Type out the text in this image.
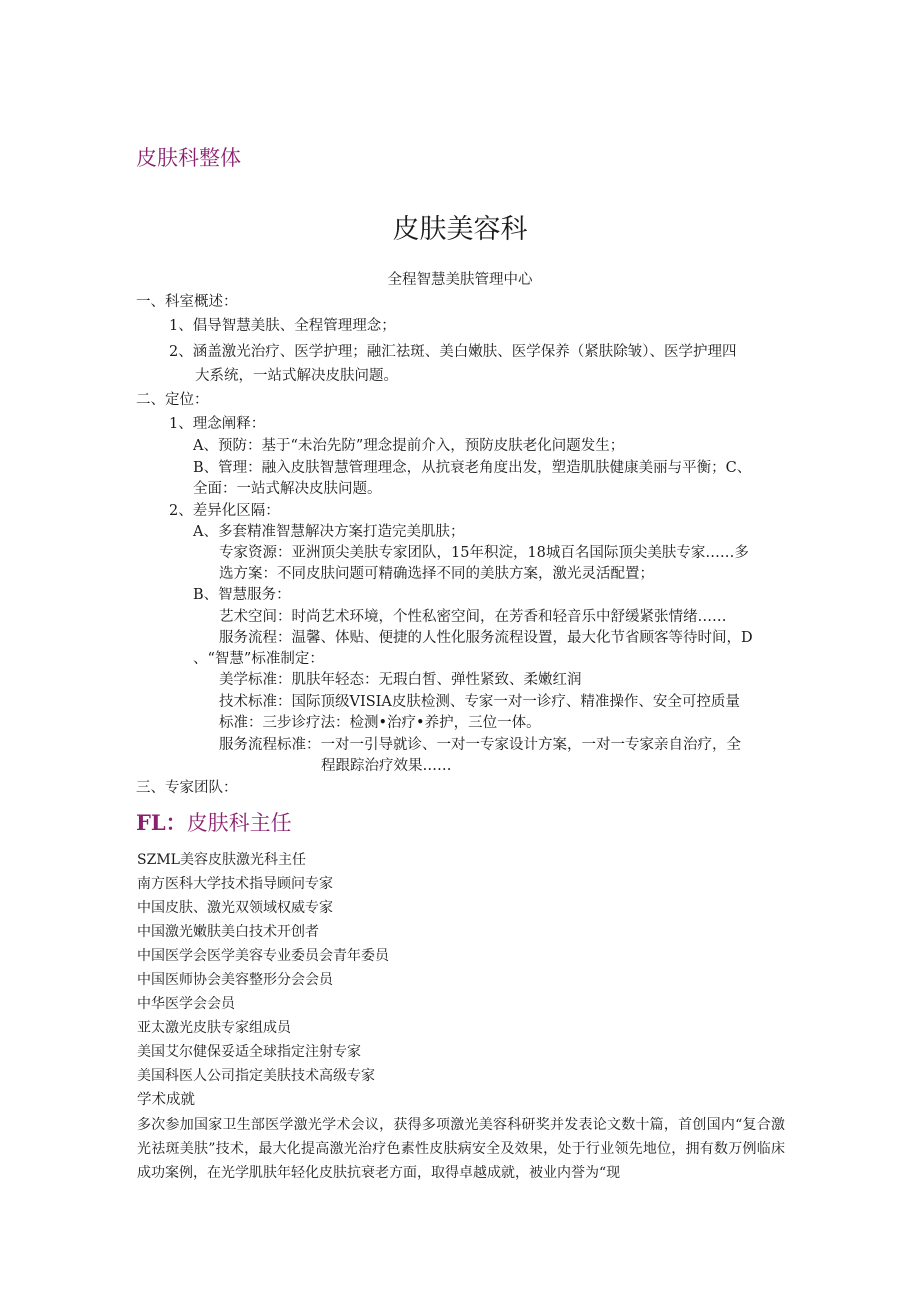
皮肤科整体
皮肤美容科
全程智慧美肤管理中心
一、科室概述：
1、倡导智慧美肤、全程管理理念；
2、涵盖激光治疗、医学护理；融汇祛斑、美白嫩肤、医学保养（紧肤除皱）、医学护理四
大系统，一站式解决皮肤问题。
二、定位：
1、理念阐释：
A、预防：基于“未治先防”理念提前介入，预防皮肤老化问题发生；
B、管理：融入皮肤智慧管理理念，从抗衰老角度出发，塑造肌肤健康美丽与平衡；C、
全面：一站式解决皮肤问题。
2、差异化区隔：
A、多套精准智慧解决方案打造完美肌肤；
专家资源：亚洲顶尖美肤专家团队，15年积淀，18城百名国际顶尖美肤专家……多
选方案：不同皮肤问题可精确选择不同的美肤方案，激光灵活配置；
B、智慧服务：
艺术空间：时尚艺术环境，个性私密空间，在芳香和轻音乐中舒缓紧张情绪……
服务流程：温馨、体贴、便捷的人性化服务流程设置，最大化节省顾客等待时间，D
、“智慧”标准制定：
美学标准：肌肤年轻态：无瑕白皙、弹性紧致、柔嫩红润
技术标准：国际顶级VISIA皮肤检测、专家一对一诊疗、精准操作、安全可控质量
标准：三步诊疗法：检测•治疗•养护，三位一体。
服务流程标准：一对一引导就诊、一对一专家设计方案，一对一专家亲自治疗，全
程跟踪治疗效果……
三、专家团队：
FL：皮肤科主任
SZML美容皮肤激光科主任
南方医科大学技术指导顾问专家
中国皮肤、激光双领域权威专家
中国激光嫩肤美白技术开创者
中国医学会医学美容专业委员会青年委员
中国医师协会美容整形分会会员
中华医学会会员
亚太激光皮肤专家组成员
美国艾尔健保妥适全球指定注射专家
美国科医人公司指定美肤技术高级专家
学术成就
多次参加国家卫生部医学激光学术会议，获得多项激光美容科研奖并发表论文数十篇，首创国内“复合激光祛斑美肤”技术，最大化提高激光治疗色素性皮肤病安全及效果，处于行业领先地位，拥有数万例临床成功案例，在光学肌肤年轻化皮肤抗衰老方面，取得卓越成就，被业内誉为“现
